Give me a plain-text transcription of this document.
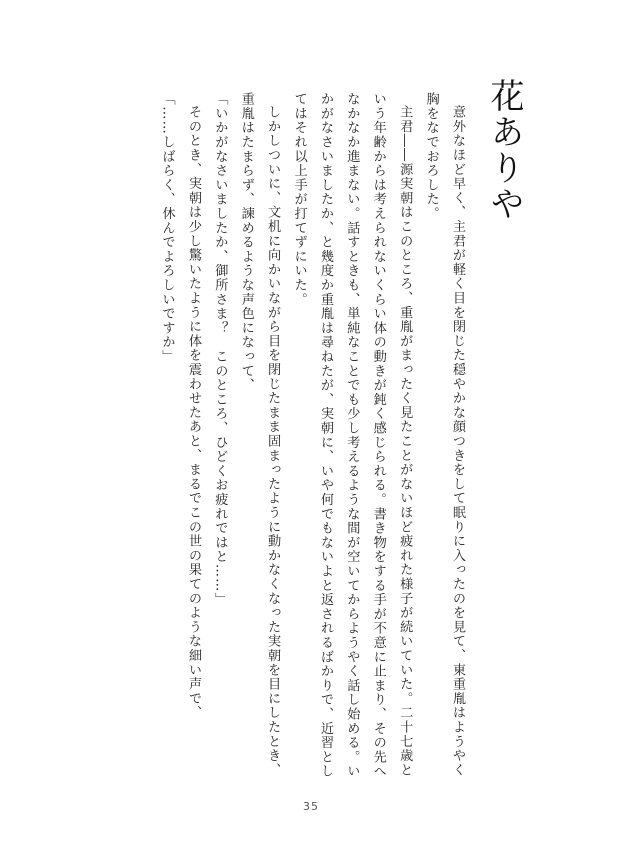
花ありや

意外なほど早く、主君が軽く目を閉じた穏やかな顔つきをして眠りに入ったのを見て、東重胤はようやく胸をなでおろした。

主君――源実朝はこのところ、重胤がまったく見たことがないほど疲れた様子が続いていた。二十七歳という年齢からは考えられないくらい体の動きが鈍く感じられる。書き物をする手が不意に止まり、その先へなかなか進まない。話すときも、単純なことでも少し考えるような間が空いてからようやく話し始める。いかがなさいましたか、と幾度か重胤は尋ねたが、実朝に、いや何でもないよと返されるばかりで、近習としてはそれ以上手が打てずにいた。

しかしついに、文机に向かいながら目を閉じたまま固まったように動かなくなった実朝を目にしたとき、重胤はたまらず、諫めるような声色になって、

「いかがなさいましたか、御所さま？　このところ、ひどくお疲れではと……」

そのとき、実朝は少し驚いたように体を震わせたあと、まるでこの世の果てのような細い声で、

「……しばらく、休んでよろしいですか」

35
